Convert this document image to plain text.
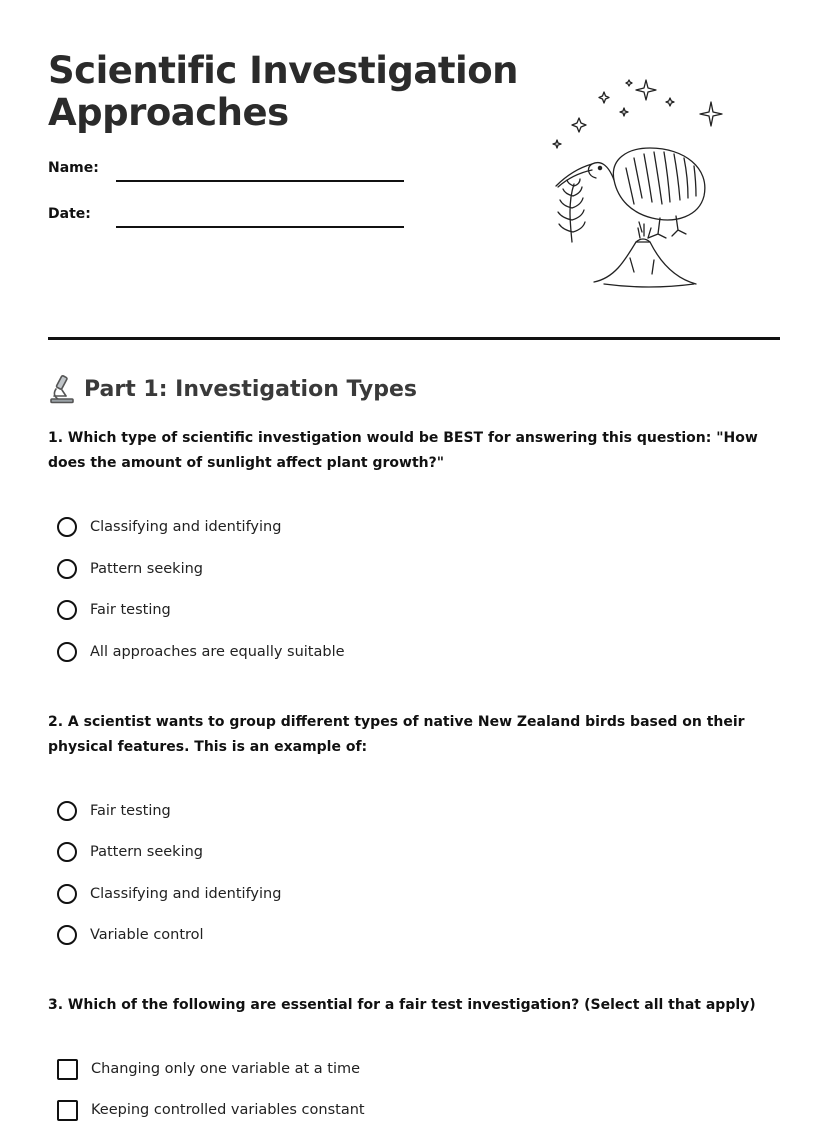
Scientific Investigation
Approaches
Name:
Date:
Part 1: Investigation Types

1. Which type of scientific investigation would be BEST for answering this question: "How does the amount of sunlight affect plant growth?"

Classifying and identifying
Pattern seeking
Fair testing
All approaches are equally suitable

2. A scientist wants to group different types of native New Zealand birds based on their physical features. This is an example of:

Fair testing
Pattern seeking
Classifying and identifying
Variable control

3. Which of the following are essential for a fair test investigation? (Select all that apply)

Changing only one variable at a time
Keeping controlled variables constant
